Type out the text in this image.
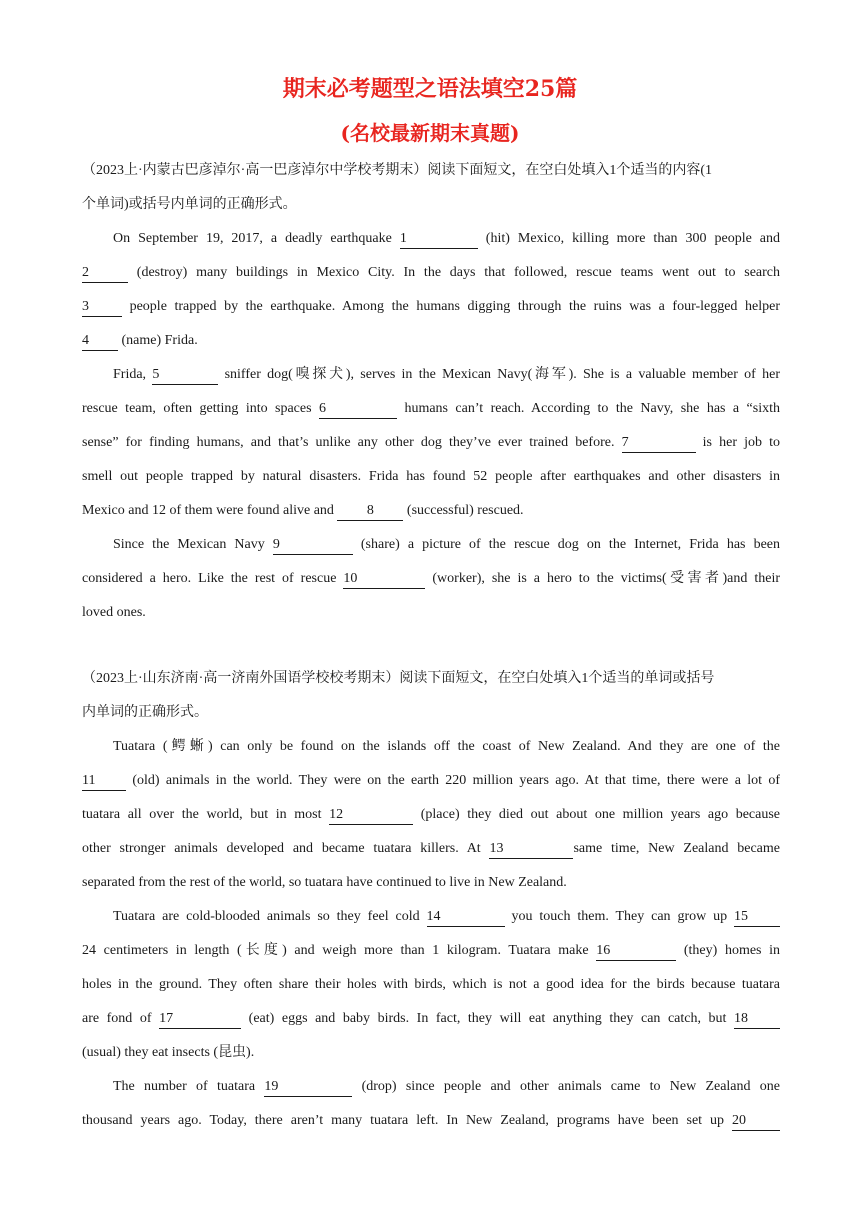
期末必考题型之语法填空25篇
(名校最新期末真题)
（2023上·内蒙古巴彦淖尔·高一巴彦淖尔中学校考期末）阅读下面短文，在空白处填入1个适当的内容(1
个单词)或括号内单词的正确形式。
On September 19, 2017, a deadly earthquake 1	(hit) Mexico, killing more than 300 people and
2	(destroy) many buildings in Mexico City. In the days that followed, rescue teams went out to search
3	people trapped by the earthquake. Among the humans digging through the ruins was a four-legged helper
4 (name) Frida.
Frida, 5	sniffer dog(嗅探犬), serves in the Mexican Navy(海军). She is a valuable member of her
rescue team, often getting into spaces 6	humans can’t reach. According to the Navy, she has a “sixth
sense” for finding humans, and that’s unlike any other dog they’ve ever trained before. 7	is her job to
smell out people trapped by natural disasters. Frida has found 52 people after earthquakes and other disasters in
Mexico and 12 of them were found alive and 8 (successful) rescued.
Since the Mexican Navy 9	(share) a picture of the rescue dog on the Internet, Frida has been
considered a hero. Like the rest of rescue 10	(worker), she is a hero to the victims(受害者)and their
loved ones.
（2023上·山东济南·高一济南外国语学校校考期末）阅读下面短文，在空白处填入1个适当的单词或括号
内单词的正确形式。
Tuatara (鳄蜥) can only be found on the islands off the coast of New Zealand. And they are one of the
11	(old) animals in the world. They were on the earth 220 million years ago. At that time, there were a lot of
tuatara all over the world, but in most 12	(place) they died out about one million years ago because
other stronger animals developed and became tuatara killers. At 13	same time, New Zealand became
separated from the rest of the world, so tuatara have continued to live in New Zealand.
Tuatara are cold-blooded animals so they feel cold 14	you touch them. They can grow up 15
24 centimeters in length (长度) and weigh more than 1 kilogram. Tuatara make 16	(they) homes in
holes in the ground. They often share their holes with birds, which is not a good idea for the birds because tuatara
are fond of 17	(eat) eggs and baby birds. In fact, they will eat anything they can catch, but 18
(usual) they eat insects (昆虫).
The number of tuatara 19	(drop) since people and other animals came to New Zealand one
thousand years ago. Today, there aren’t many tuatara left. In New Zealand, programs have been set up 20
